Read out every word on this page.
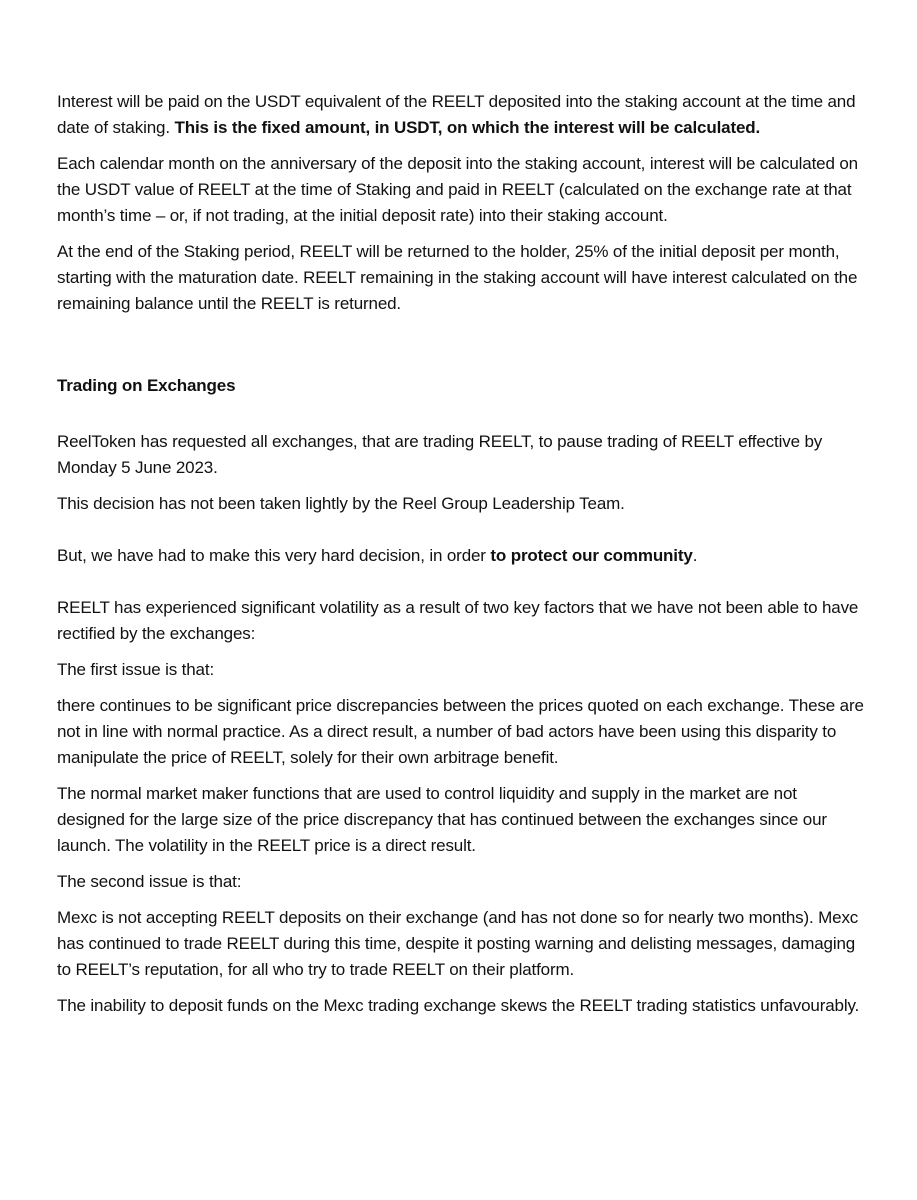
Interest will be paid on the USDT equivalent of the REELT deposited into the staking account at the time and date of staking. This is the fixed amount, in USDT, on which the interest will be calculated.

Each calendar month on the anniversary of the deposit into the staking account, interest will be calculated on the USDT value of REELT at the time of Staking and paid in REELT (calculated on the exchange rate at that month’s time – or, if not trading, at the initial deposit rate) into their staking account.

At the end of the Staking period, REELT will be returned to the holder, 25% of the initial deposit per month, starting with the maturation date. REELT remaining in the staking account will have interest calculated on the remaining balance until the REELT is returned.

Trading on Exchanges

ReelToken has requested all exchanges, that are trading REELT, to pause trading of REELT effective by Monday 5 June 2023.

This decision has not been taken lightly by the Reel Group Leadership Team.

But, we have had to make this very hard decision, in order to protect our community.

REELT has experienced significant volatility as a result of two key factors that we have not been able to have rectified by the exchanges:

The first issue is that:

there continues to be significant price discrepancies between the prices quoted on each exchange. These are not in line with normal practice. As a direct result, a number of bad actors have been using this disparity to manipulate the price of REELT, solely for their own arbitrage benefit.

The normal market maker functions that are used to control liquidity and supply in the market are not designed for the large size of the price discrepancy that has continued between the exchanges since our launch. The volatility in the REELT price is a direct result.

The second issue is that:

Mexc is not accepting REELT deposits on their exchange (and has not done so for nearly two months). Mexc has continued to trade REELT during this time, despite it posting warning and delisting messages, damaging to REELT’s reputation, for all who try to trade REELT on their platform.

The inability to deposit funds on the Mexc trading exchange skews the REELT trading statistics unfavourably.
